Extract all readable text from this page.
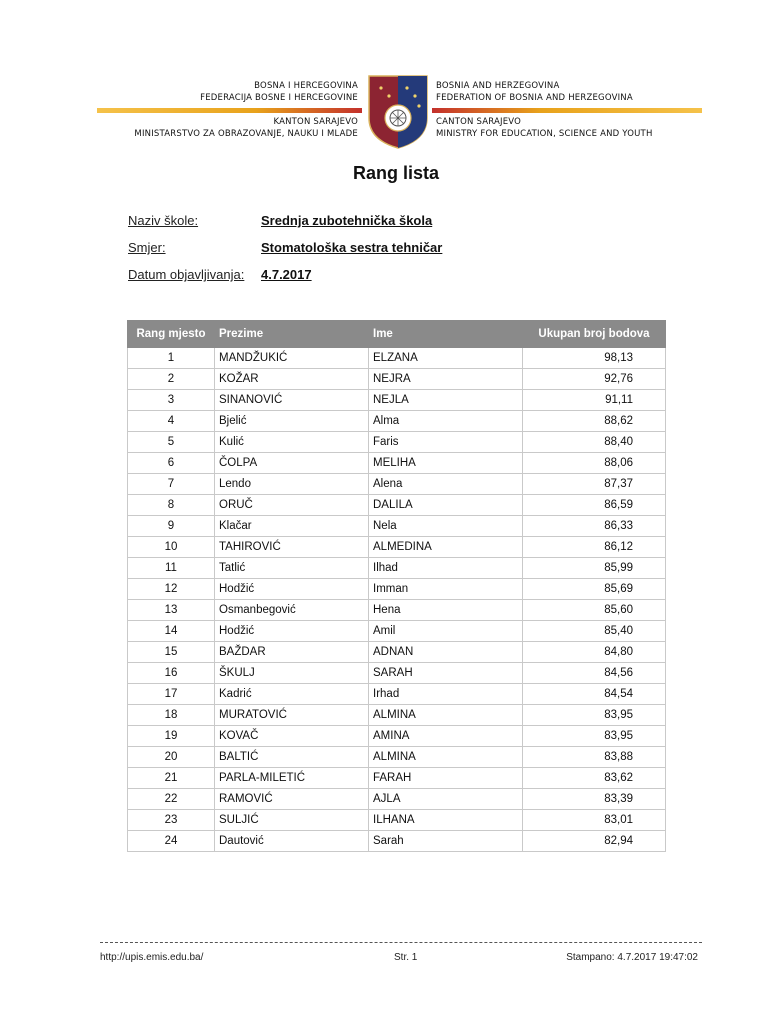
BOSNA I HERCEGOVINA
FEDERACIJA BOSNE I HERCEGOVINE
KANTON SARAJEVO
MINISTARSTVO ZA OBRAZOVANJE, NAUKU I MLADE
BOSNIA AND HERZEGOVINA
FEDERATION OF BOSNIA AND HERZEGOVINA
CANTON SARAJEVO
MINISTRY FOR EDUCATION, SCIENCE AND YOUTH
Rang lista
Naziv škole:	Srednja zubotehnička škola
Smjer:	Stomatološka sestra tehničar
Datum objavljivanja: 4.7.2017
Rang mjesto	Prezime	Ime	Ukupan broj bodova
1	MANDŽUKIĆ	ELZANA	98,13
2	KOŽAR	NEJRA	92,76
3	SINANOVIĆ	NEJLA	91,11
4	Bjelić	Alma	88,62
5	Kulić	Faris	88,40
6	ČOLPA	MELIHA	88,06
7	Lendo	Alena	87,37
8	ORUČ	DALILA	86,59
9	Klačar	Nela	86,33
10	TAHIROVIĆ	ALMEDINA	86,12
11	Tatlić	Ilhad	85,99
12	Hodžić	Imman	85,69
13	Osmanbegović	Hena	85,60
14	Hodžić	Amil	85,40
15	BAŽDAR	ADNAN	84,80
16	ŠKULJ	SARAH	84,56
17	Kadrić	Irhad	84,54
18	MURATOVIĆ	ALMINA	83,95
19	KOVAČ	AMINA	83,95
20	BALTIĆ	ALMINA	83,88
21	PARLA-MILETIĆ	FARAH	83,62
22	RAMOVIĆ	AJLA	83,39
23	SULJIĆ	ILHANA	83,01
24	Dautović	Sarah	82,94
http://upis.emis.edu.ba/	Str. 1	Stampano: 4.7.2017 19:47:02
